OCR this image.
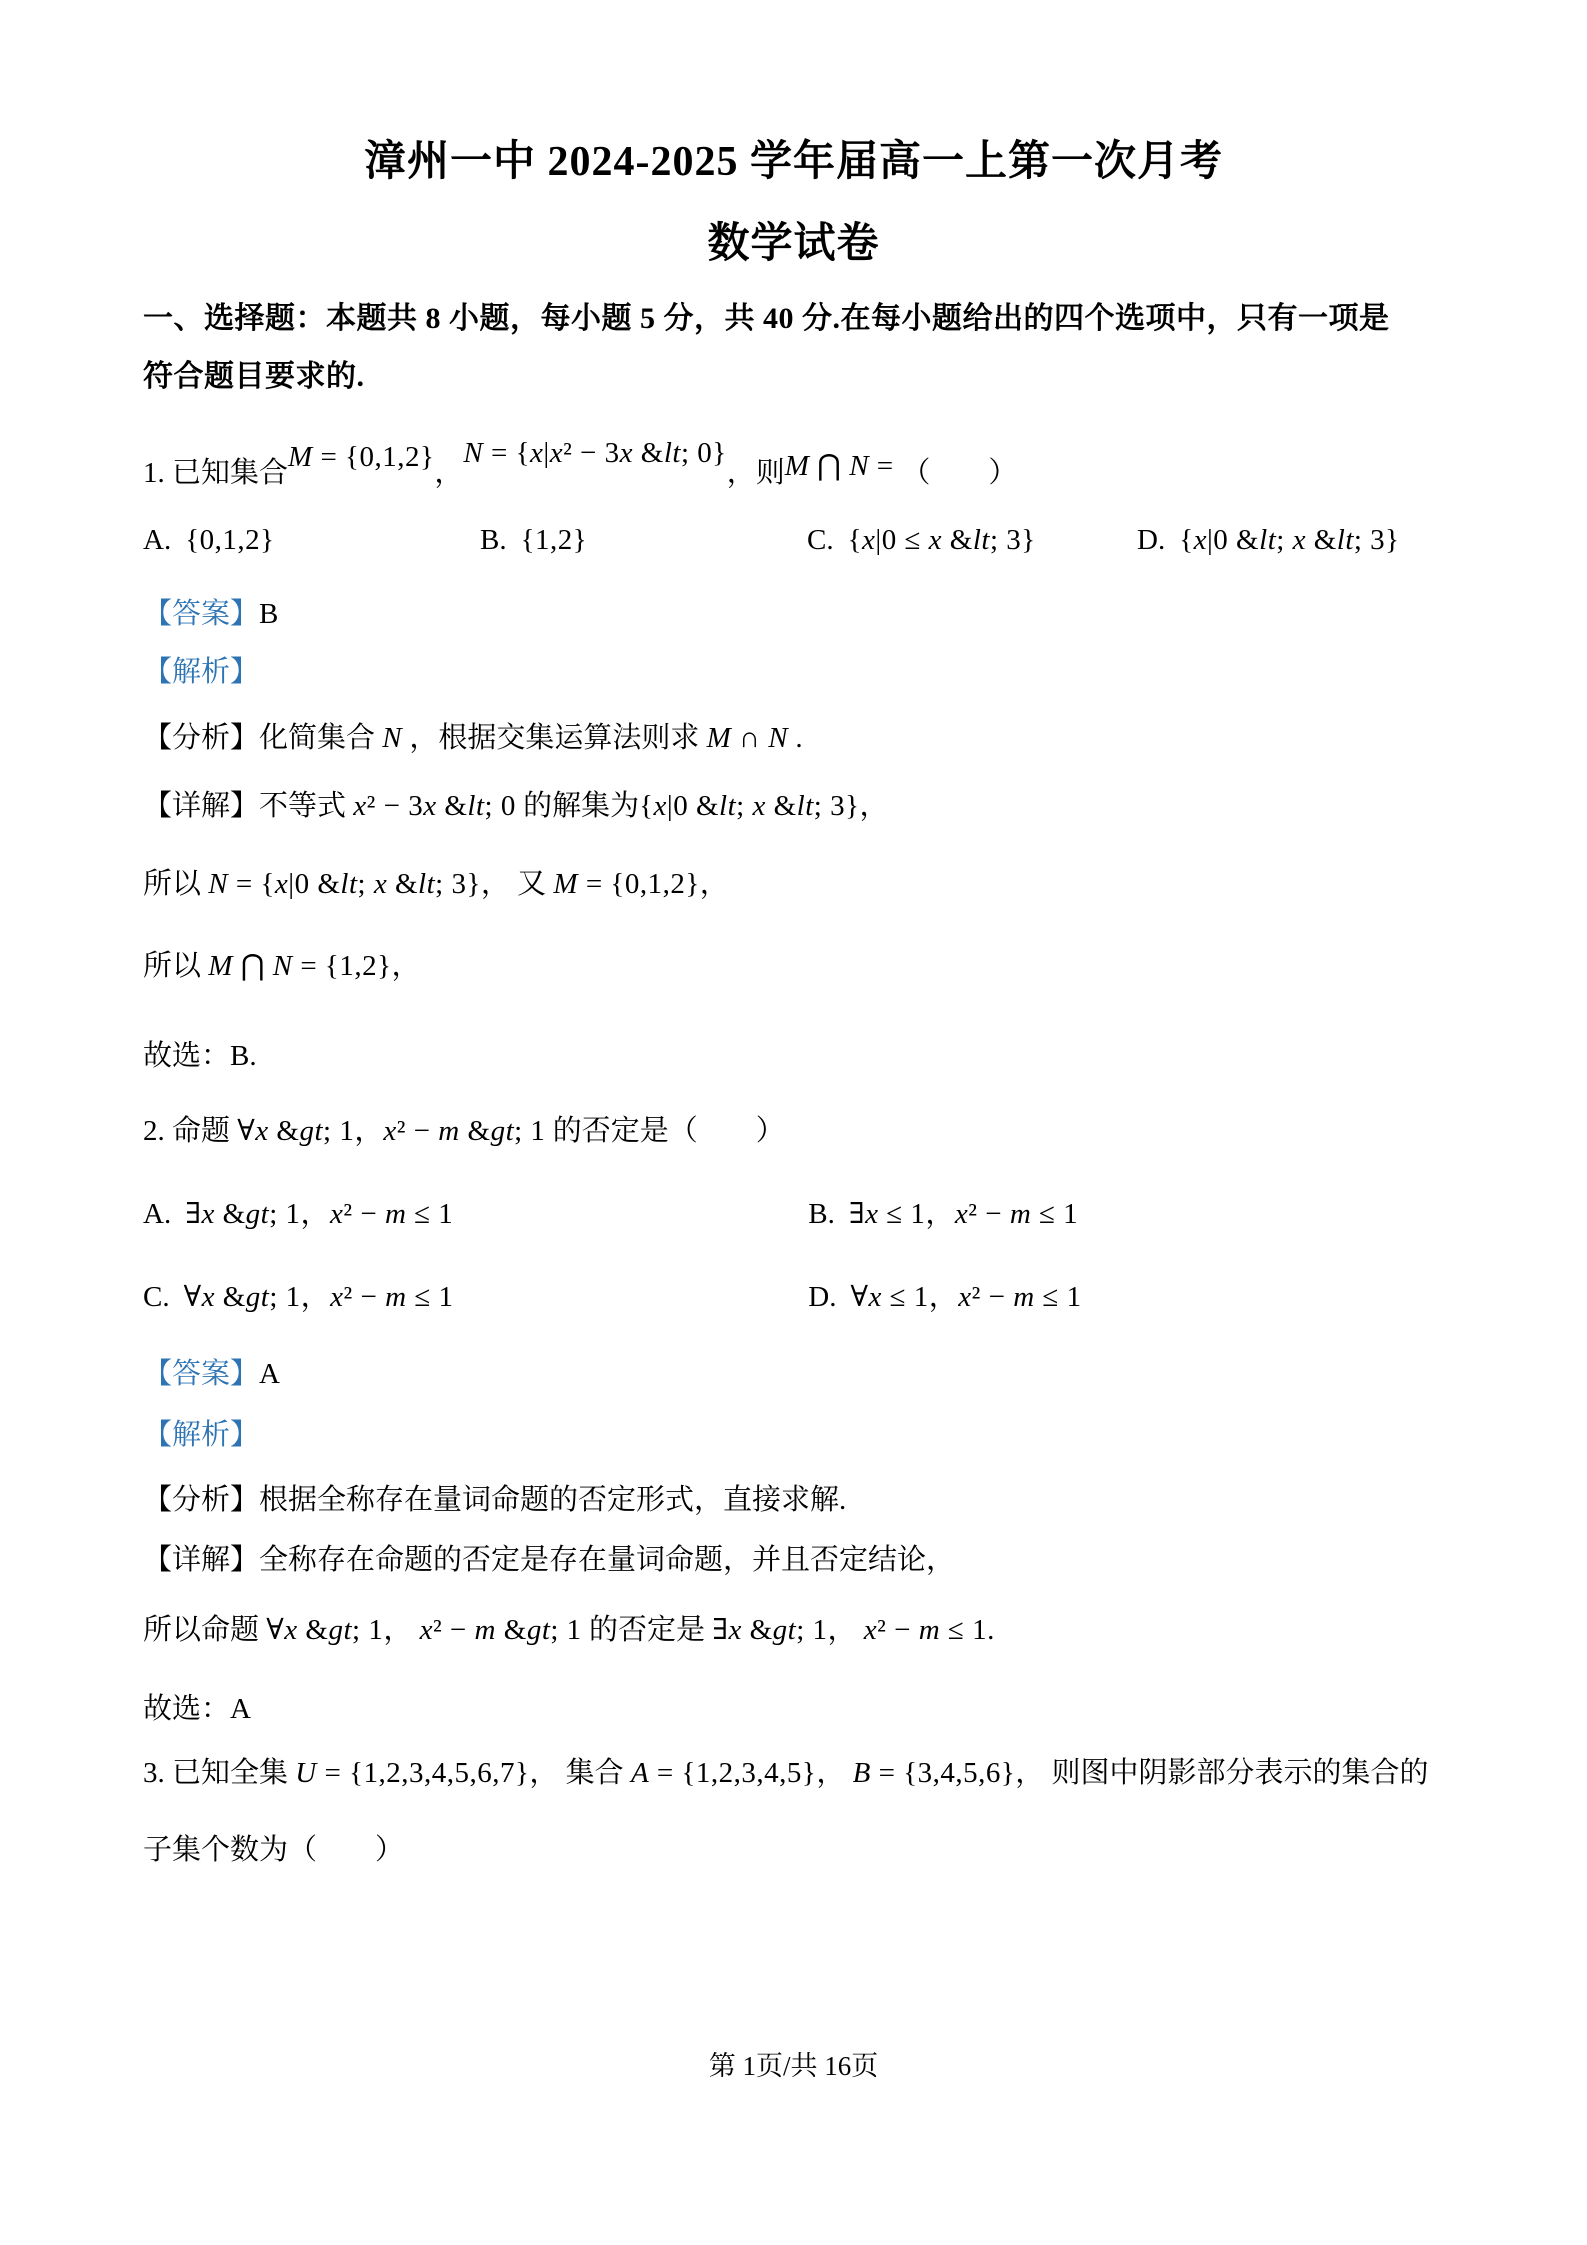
漳州一中 2024-2025 学年届高一上第一次月考
数学试卷
一、选择题：本题共 8 小题，每小题 5 分，共 40 分.在每小题给出的四个选项中，只有一项是
符合题目要求的.
1. 已知集合M = {0,1,2}，N = {x|x² − 3x &lt; 0}，则M ⋂ N = （　　）
A. {0,1,2}	B. {1,2}	C. {x|0 ≤ x &lt; 3}	D. {x|0 &lt; x &lt; 3}
【答案】B
【解析】
【分析】化简集合 N ，根据交集运算法则求 M ∩ N .
【详解】不等式 x² − 3x &lt; 0 的解集为{x|0 &lt; x &lt; 3}，
所以 N = {x|0 &lt; x &lt; 3}， 又 M = {0,1,2}，
所以 M ⋂ N = {1,2}，
故选：B.
2. 命题 ∀x &gt; 1，x² − m &gt; 1 的否定是（　　）
A. ∃x &gt; 1，x² − m ≤ 1	B. ∃x ≤ 1，x² − m ≤ 1
C. ∀x &gt; 1，x² − m ≤ 1	D. ∀x ≤ 1，x² − m ≤ 1
【答案】A
【解析】
【分析】根据全称存在量词命题的否定形式，直接求解.
【详解】全称存在命题的否定是存在量词命题，并且否定结论，
所以命题 ∀x &gt; 1， x² − m &gt; 1 的否定是 ∃x &gt; 1， x² − m ≤ 1.
故选：A
3. 已知全集 U = {1,2,3,4,5,6,7}， 集合 A = {1,2,3,4,5}， B = {3,4,5,6}， 则图中阴影部分表示的集合的
子集个数为（　　）
第 1页/共 16页
